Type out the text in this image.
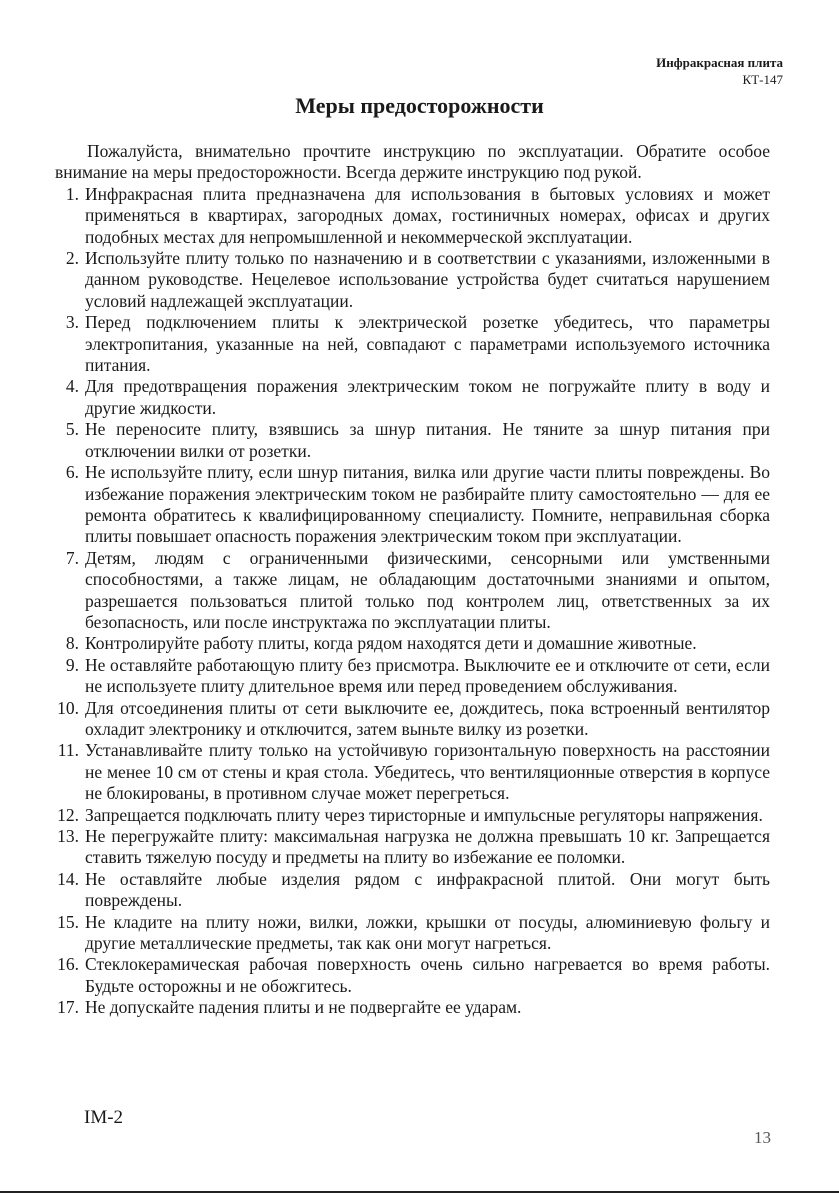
Инфракрасная плита
КТ-147
Меры предосторожности

Пожалуйста, внимательно прочтите инструкцию по эксплуатации. Обратите особое внимание на меры предосторожности. Всегда держите инструкцию под рукой.

1. Инфракрасная плита предназначена для использования в бытовых условиях и может применяться в квартирах, загородных домах, гостиничных номерах, офисах и других подобных местах для непромышленной и некоммерческой эксплуатации.
2. Используйте плиту только по назначению и в соответствии с указаниями, изложенными в данном руководстве. Нецелевое использование устройства будет считаться нарушением условий надлежащей эксплуатации.
3. Перед подключением плиты к электрической розетке убедитесь, что параметры электропитания, указанные на ней, совпадают с параметрами используемого источника питания.
4. Для предотвращения поражения электрическим током не погружайте плиту в воду и другие жидкости.
5. Не переносите плиту, взявшись за шнур питания. Не тяните за шнур питания при отключении вилки от розетки.
6. Не используйте плиту, если шнур питания, вилка или другие части плиты повреждены. Во избежание поражения электрическим током не разбирайте плиту самостоятельно — для ее ремонта обратитесь к квалифицированному специалисту. Помните, неправильная сборка плиты повышает опасность поражения электрическим током при эксплуатации.
7. Детям, людям с ограниченными физическими, сенсорными или умственными способностями, а также лицам, не обладающим достаточными знаниями и опытом, разрешается пользоваться плитой только под контролем лиц, ответственных за их безопасность, или после инструктажа по эксплуатации плиты.
8. Контролируйте работу плиты, когда рядом находятся дети и домашние животные.
9. Не оставляйте работающую плиту без присмотра. Выключите ее и отключите от сети, если не используете плиту длительное время или перед проведением обслуживания.
10. Для отсоединения плиты от сети выключите ее, дождитесь, пока встроенный вентилятор охладит электронику и отключится, затем выньте вилку из розетки.
11. Устанавливайте плиту только на устойчивую горизонтальную поверхность на расстоянии не менее 10 см от стены и края стола. Убедитесь, что вентиляционные отверстия в корпусе не блокированы, в противном случае может перегреться.
12. Запрещается подключать плиту через тиристорные и импульсные регуляторы напряжения.
13. Не перегружайте плиту: максимальная нагрузка не должна превышать 10 кг. Запрещается ставить тяжелую посуду и предметы на плиту во избежание ее поломки.
14. Не оставляйте любые изделия рядом с инфракрасной плитой. Они могут быть повреждены.
15. Не кладите на плиту ножи, вилки, ложки, крышки от посуды, алюминиевую фольгу и другие металлические предметы, так как они могут нагреться.
16. Стеклокерамическая рабочая поверхность очень сильно нагревается во время работы. Будьте осторожны и не обожгитесь.
17. Не допускайте падения плиты и не подвергайте ее ударам.
IM-2
13
